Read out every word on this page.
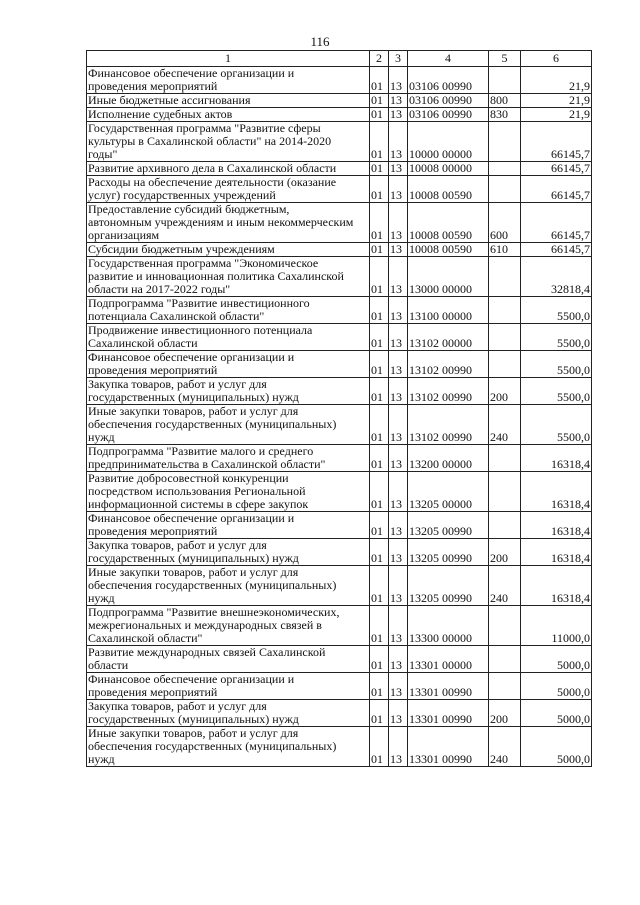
116
1	2	3	4	5	6
Финансовое обеспечение организации и
проведения мероприятий	01	13	03106 00990		21,9
Иные бюджетные ассигнования	01	13	03106 00990	800	21,9
Исполнение судебных актов	01	13	03106 00990	830	21,9
Государственная программа "Развитие сферы
культуры в Сахалинской области" на 2014-2020
годы"	01	13	10000 00000		66145,7
Развитие архивного дела в Сахалинской области	01	13	10008 00000		66145,7
Расходы на обеспечение деятельности (оказание
услуг) государственных учреждений	01	13	10008 00590		66145,7
Предоставление субсидий бюджетным,
автономным учреждениям и иным некоммерческим
организациям	01	13	10008 00590	600	66145,7
Субсидии бюджетным учреждениям	01	13	10008 00590	610	66145,7
Государственная программа "Экономическое
развитие и инновационная политика Сахалинской
области на 2017-2022 годы"	01	13	13000 00000		32818,4
Подпрограмма "Развитие инвестиционного
потенциала Сахалинской области"	01	13	13100 00000		5500,0
Продвижение инвестиционного потенциала
Сахалинской области	01	13	13102 00000		5500,0
Финансовое обеспечение организации и
проведения мероприятий	01	13	13102 00990		5500,0
Закупка товаров, работ и услуг для
государственных (муниципальных) нужд	01	13	13102 00990	200	5500,0
Иные закупки товаров, работ и услуг для
обеспечения государственных (муниципальных)
нужд	01	13	13102 00990	240	5500,0
Подпрограмма "Развитие малого и среднего
предпринимательства в Сахалинской области"	01	13	13200 00000		16318,4
Развитие добросовестной конкуренции
посредством использования Региональной
информационной системы в сфере закупок	01	13	13205 00000		16318,4
Финансовое обеспечение организации и
проведения мероприятий	01	13	13205 00990		16318,4
Закупка товаров, работ и услуг для
государственных (муниципальных) нужд	01	13	13205 00990	200	16318,4
Иные закупки товаров, работ и услуг для
обеспечения государственных (муниципальных)
нужд	01	13	13205 00990	240	16318,4
Подпрограмма "Развитие внешнеэкономических,
межрегиональных и международных связей в
Сахалинской области"	01	13	13300 00000		11000,0
Развитие международных связей Сахалинской
области	01	13	13301 00000		5000,0
Финансовое обеспечение организации и
проведения мероприятий	01	13	13301 00990		5000,0
Закупка товаров, работ и услуг для
государственных (муниципальных) нужд	01	13	13301 00990	200	5000,0
Иные закупки товаров, работ и услуг для
обеспечения государственных (муниципальных)
нужд	01	13	13301 00990	240	5000,0
